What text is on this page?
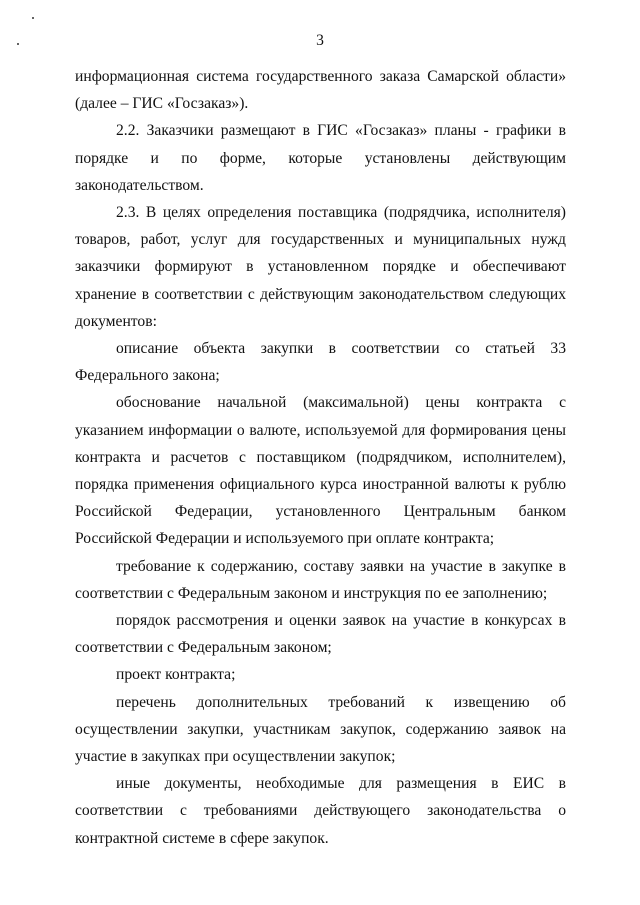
3

информационная система государственного заказа Самарской области» (далее – ГИС «Госзаказ»).

2.2. Заказчики размещают в ГИС «Госзаказ» планы - графики в порядке и по форме, которые установлены действующим законодательством.

2.3. В целях определения поставщика (подрядчика, исполнителя) товаров, работ, услуг для государственных и муниципальных нужд заказчики формируют в установленном порядке и обеспечивают хранение в соответствии с действующим законодательством следующих документов:

описание объекта закупки в соответствии со статьей 33 Федерального закона;

обоснование начальной (максимальной) цены контракта с указанием информации о валюте, используемой для формирования цены контракта и расчетов с поставщиком (подрядчиком, исполнителем), порядка применения официального курса иностранной валюты к рублю Российской Федерации, установленного Центральным банком Российской Федерации и используемого при оплате контракта;

требование к содержанию, составу заявки на участие в закупке в соответствии с Федеральным законом и инструкция по ее заполнению;

порядок рассмотрения и оценки заявок на участие в конкурсах в соответствии с Федеральным законом;

проект контракта;

перечень дополнительных требований к извещению об осуществлении закупки, участникам закупок, содержанию заявок на участие в закупках при осуществлении закупок;

иные документы, необходимые для размещения в ЕИС в соответствии с требованиями действующего законодательства о контрактной системе в сфере закупок.
